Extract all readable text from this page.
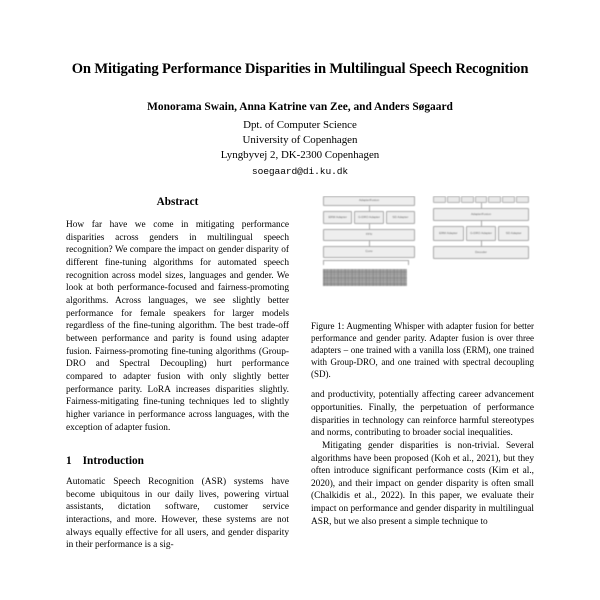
On Mitigating Performance Disparities in Multilingual Speech Recognition
Monorama Swain, Anna Katrine van Zee, and Anders Søgaard
Dpt. of Computer Science
University of Copenhagen
Lyngbyvej 2, DK-2300 Copenhagen
soegaard@di.ku.dk
Abstract

How far have we come in mitigating performance disparities across genders in multilingual speech recognition? We compare the impact on gender disparity of different fine-tuning algorithms for automated speech recognition across model sizes, languages and gender. We look at both performance-focused and fairness-promoting algorithms. Across languages, we see slightly better performance for female speakers for larger models regardless of the fine-tuning algorithm. The best trade-off between performance and parity is found using adapter fusion. Fairness-promoting fine-tuning algorithms (Group-DRO and Spectral Decoupling) hurt performance compared to adapter fusion with only slightly better performance parity. LoRA increases disparities slightly. Fairness-mitigating fine-tuning techniques led to slightly higher variance in performance across languages, with the exception of adapter fusion.

1 Introduction

Automatic Speech Recognition (ASR) systems have become ubiquitous in our daily lives, powering virtual assistants, dictation software, customer service interactions, and more. However, these systems are not always equally effective for all users, and gender disparity in their performance is a sig-

AdapterFusion
ERM Adapter	G-DRO Adapter	SD Adapter
FFN
Conv
AdapterFusion
ERM Adapter	G-DRO Adapter	SD Adapter
Decoder

Figure 1: Augmenting Whisper with adapter fusion for better performance and gender parity. Adapter fusion is over three adapters – one trained with a vanilla loss (ERM), one trained with Group-DRO, and one trained with spectral decoupling (SD).

and productivity, potentially affecting career advancement opportunities. Finally, the perpetuation of performance disparities in technology can reinforce harmful stereotypes and norms, contributing to broader social inequalities.

Mitigating gender disparities is non-trivial. Several algorithms have been proposed (Koh et al., 2021), but they often introduce significant performance costs (Kim et al., 2020), and their impact on gender disparity is often small (Chalkidis et al., 2022). In this paper, we evaluate their impact on performance and gender disparity in multilingual ASR, but we also present a simple technique to
